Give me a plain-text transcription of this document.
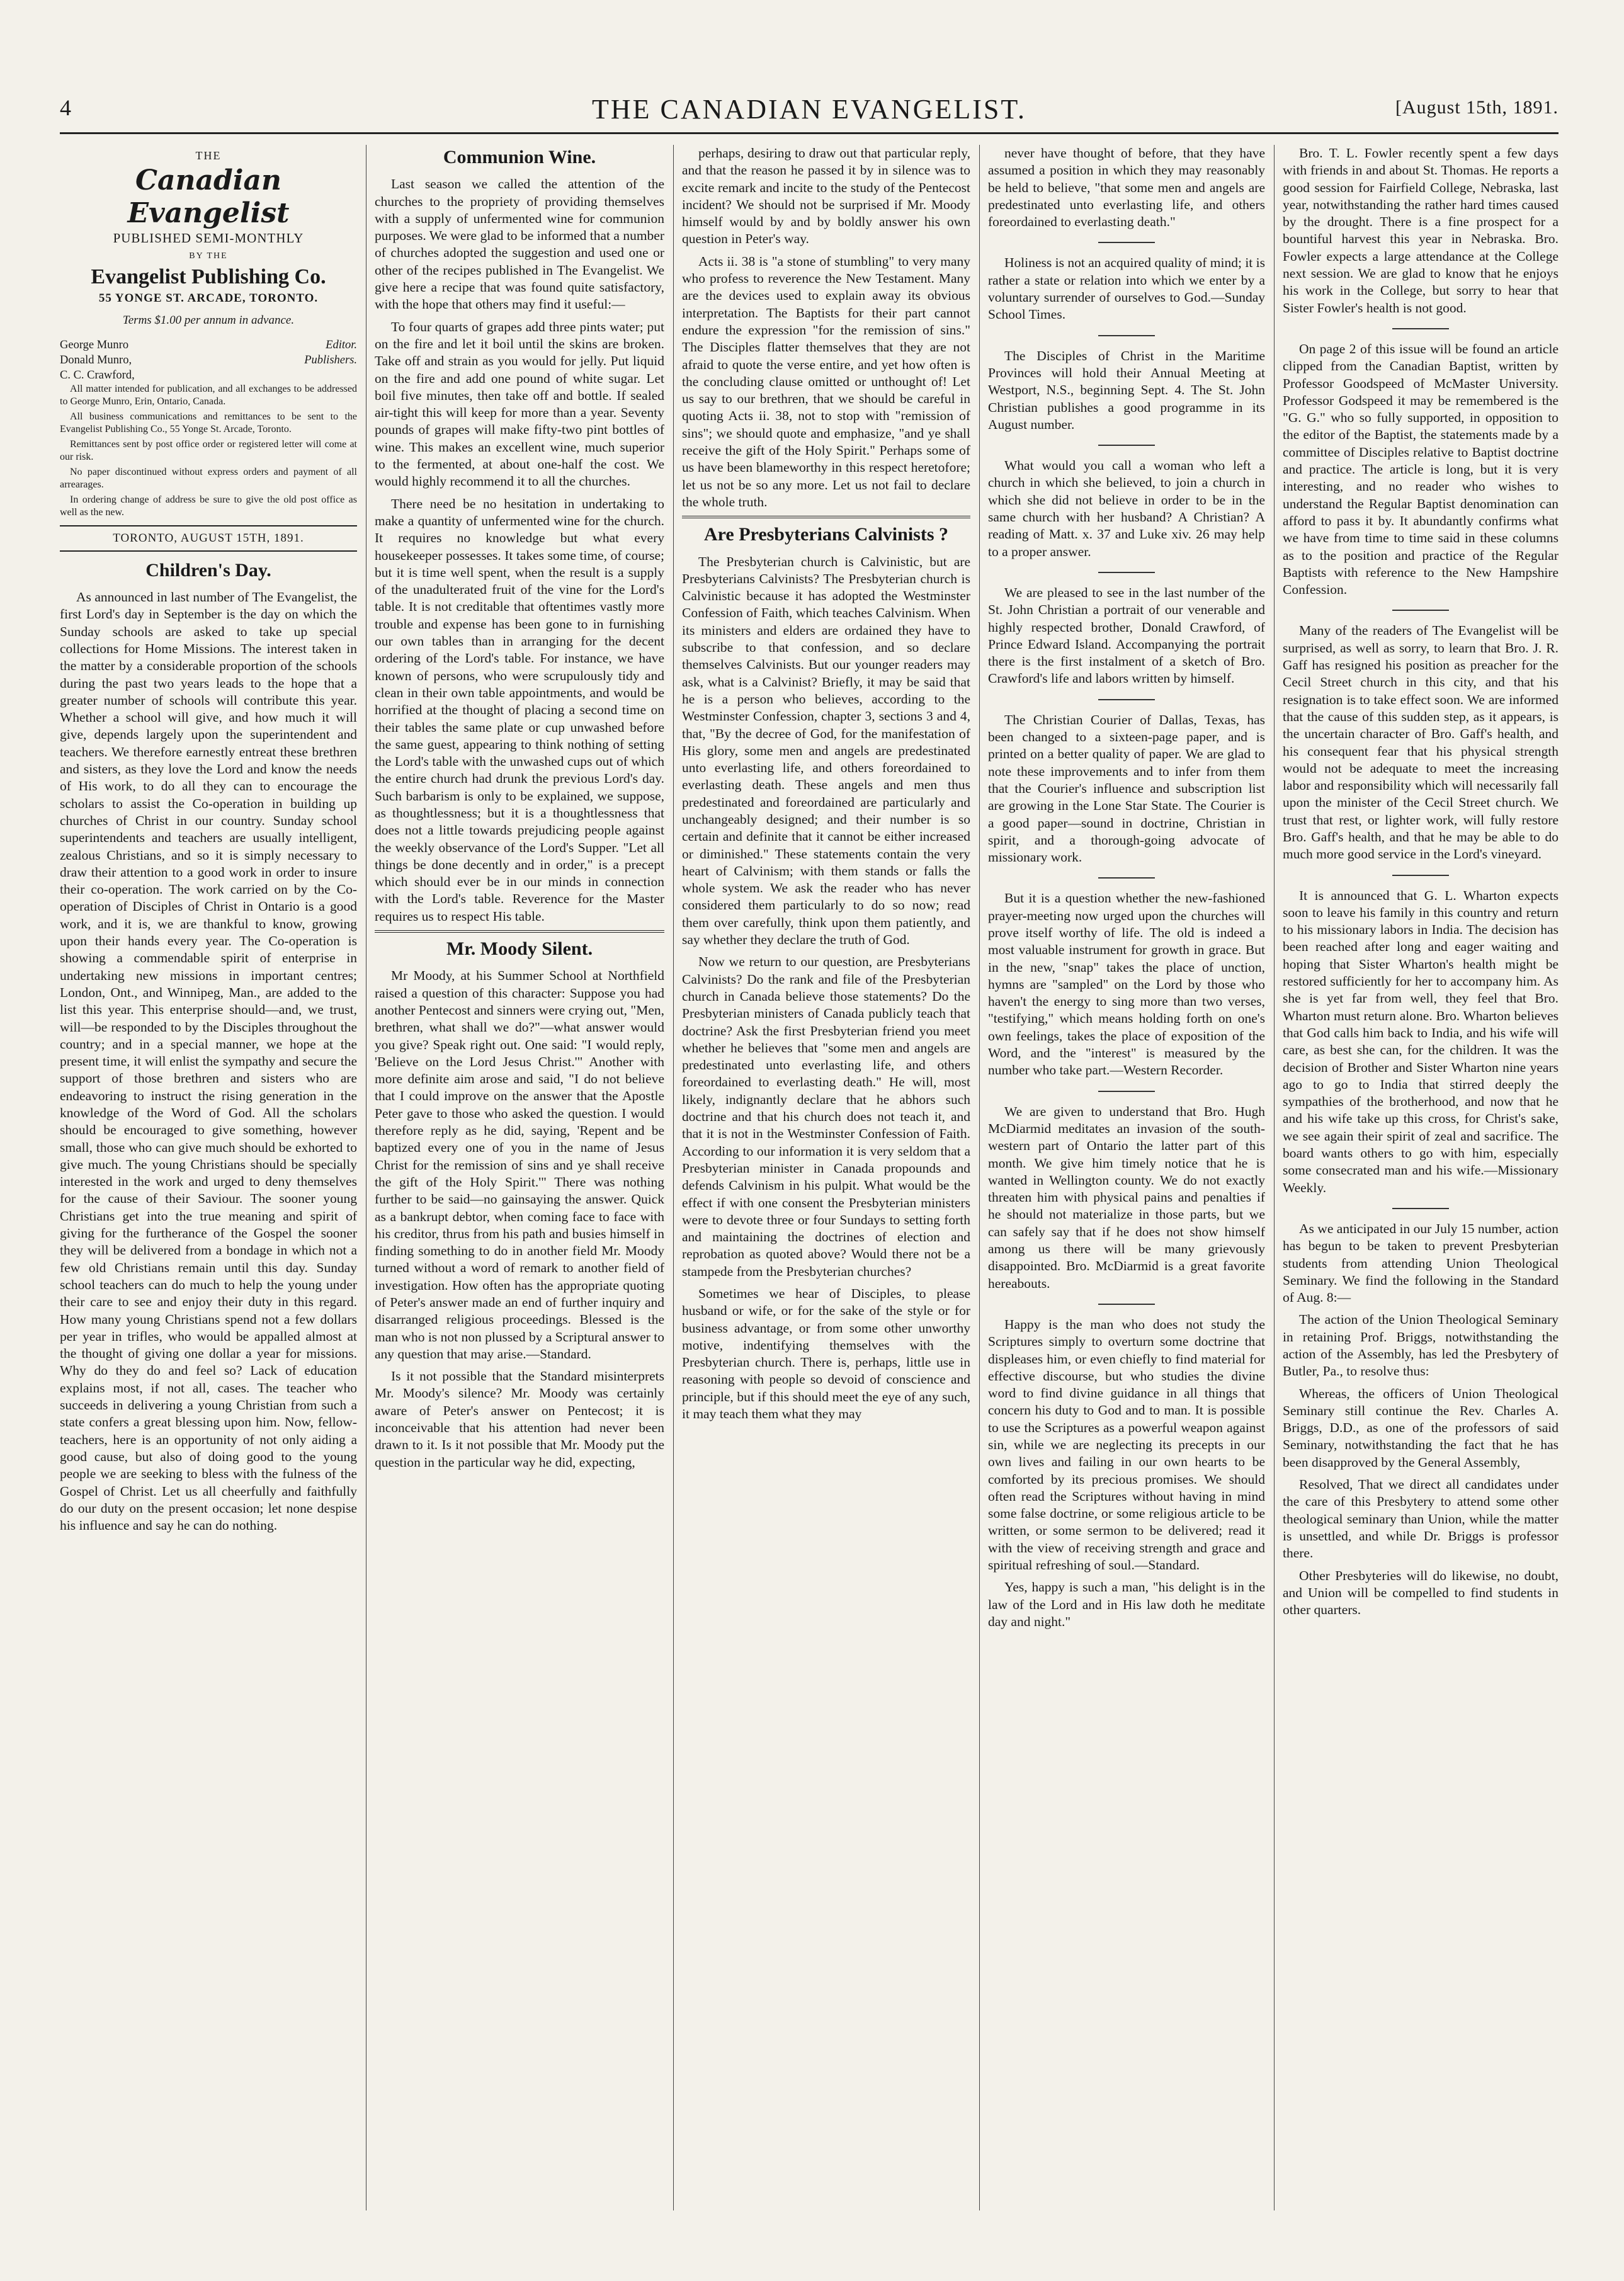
4	THE CANADIAN EVANGELIST.	[August 15th, 1891.
THE
Canadian Evangelist
PUBLISHED SEMI-MONTHLY
BY THE
Evangelist Publishing Co.
55 YONGE ST. ARCADE, TORONTO.
Terms $1.00 per annum in advance.
George Munro	Editor.
Donald Munro,	Publishers.
C. C. Crawford,

All matter intended for publication, and all exchanges to be addressed to George Munro, Erin, Ontario, Canada.

All business communications and remittances to be sent to the Evangelist Publishing Co., 55 Yonge St. Arcade, Toronto.

Remittances sent by post office order or registered letter will come at our risk.

No paper discontinued without express orders and payment of all arrearages.

In ordering change of address be sure to give the old post office as well as the new.

TORONTO, AUGUST 15TH, 1891.
Children's Day.

As announced in last number of The Evangelist, the first Lord's day in September is the day on which the Sunday schools are asked to take up special collections for Home Missions. The interest taken in the matter by a considerable proportion of the schools during the past two years leads to the hope that a greater number of schools will contribute this year. Whether a school will give, and how much it will give, depends largely upon the superintendent and teachers. We therefore earnestly entreat these brethren and sisters, as they love the Lord and know the needs of His work, to do all they can to encourage the scholars to assist the Co-operation in building up churches of Christ in our country. Sunday school superintendents and teachers are usually intelligent, zealous Christians, and so it is simply necessary to draw their attention to a good work in order to insure their co-operation. The work carried on by the Co-operation of Disciples of Christ in Ontario is a good work, and it is, we are thankful to know, growing upon their hands every year. The Co-operation is showing a commendable spirit of enterprise in undertaking new missions in important centres; London, Ont., and Winnipeg, Man., are added to the list this year. This enterprise should—and, we trust, will—be responded to by the Disciples throughout the country; and in a special manner, we hope at the present time, it will enlist the sympathy and secure the support of those brethren and sisters who are endeavoring to instruct the rising generation in the knowledge of the Word of God. All the scholars should be encouraged to give something, however small, those who can give much should be exhorted to give much. The young Christians should be specially interested in the work and urged to deny themselves for the cause of their Saviour. The sooner young Christians get into the true meaning and spirit of giving for the furtherance of the Gospel the sooner they will be delivered from a bondage in which not a few old Christians remain until this day. Sunday school teachers can do much to help the young under their care to see and enjoy their duty in this regard. How many young Christians spend not a few dollars per year in trifles, who would be appalled almost at the thought of giving one dollar a year for missions. Why do they do and feel so? Lack of education explains most, if not all, cases. The teacher who succeeds in delivering a young Christian from such a state confers a great blessing upon him. Now, fellow-teachers, here is an opportunity of not only aiding a good cause, but also of doing good to the young people we are seeking to bless with the fulness of the Gospel of Christ. Let us all cheerfully and faithfully do our duty on the present occasion; let none despise his influence and say he can do nothing.

Communion Wine.

Last season we called the attention of the churches to the propriety of providing themselves with a supply of unfermented wine for communion purposes. We were glad to be informed that a number of churches adopted the suggestion and used one or other of the recipes published in The Evangelist. We give here a recipe that was found quite satisfactory, with the hope that others may find it useful:—

To four quarts of grapes add three pints water; put on the fire and let it boil until the skins are broken. Take off and strain as you would for jelly. Put liquid on the fire and add one pound of white sugar. Let boil five minutes, then take off and bottle. If sealed air-tight this will keep for more than a year. Seventy pounds of grapes will make fifty-two pint bottles of wine. This makes an excellent wine, much superior to the fermented, at about one-half the cost. We would highly recommend it to all the churches.

There need be no hesitation in undertaking to make a quantity of unfermented wine for the church. It requires no knowledge but what every housekeeper possesses. It takes some time, of course; but it is time well spent, when the result is a supply of the unadulterated fruit of the vine for the Lord's table. It is not creditable that oftentimes vastly more trouble and expense has been gone to in furnishing our own tables than in arranging for the decent ordering of the Lord's table. For instance, we have known of persons, who were scrupulously tidy and clean in their own table appointments, and would be horrified at the thought of placing a second time on their tables the same plate or cup unwashed before the same guest, appearing to think nothing of setting the Lord's table with the unwashed cups out of which the entire church had drunk the previous Lord's day. Such barbarism is only to be explained, we suppose, as thoughtlessness; but it is a thoughtlessness that does not a little towards prejudicing people against the weekly observance of the Lord's Supper. "Let all things be done decently and in order," is a precept which should ever be in our minds in connection with the Lord's table. Reverence for the Master requires us to respect His table.

Mr. Moody Silent.

Mr Moody, at his Summer School at Northfield raised a question of this character: Suppose you had another Pentecost and sinners were crying out, "Men, brethren, what shall we do?"—what answer would you give? Speak right out. One said: "I would reply, 'Believe on the Lord Jesus Christ.'" Another with more definite aim arose and said, "I do not believe that I could improve on the answer that the Apostle Peter gave to those who asked the question. I would therefore reply as he did, saying, 'Repent and be baptized every one of you in the name of Jesus Christ for the remission of sins and ye shall receive the gift of the Holy Spirit.'" There was nothing further to be said—no gainsaying the answer. Quick as a bankrupt debtor, when coming face to face with his creditor, thrus from his path and busies himself in finding something to do in another field Mr. Moody turned without a word of remark to another field of investigation. How often has the appropriate quoting of Peter's answer made an end of further inquiry and disarranged religious proceedings. Blessed is the man who is not non plussed by a Scriptural answer to any question that may arise.—Standard.

Is it not possible that the Standard misinterprets Mr. Moody's silence? Mr. Moody was certainly aware of Peter's answer on Pentecost; it is inconceivable that his attention had never been drawn to it. Is it not possible that Mr. Moody put the question in the particular way he did, expecting,

perhaps, desiring to draw out that particular reply, and that the reason he passed it by in silence was to excite remark and incite to the study of the Pentecost incident? We should not be surprised if Mr. Moody himself would by and by boldly answer his own question in Peter's way.

Acts ii. 38 is "a stone of stumbling" to very many who profess to reverence the New Testament. Many are the devices used to explain away its obvious interpretation. The Baptists for their part cannot endure the expression "for the remission of sins." The Disciples flatter themselves that they are not afraid to quote the verse entire, and yet how often is the concluding clause omitted or unthought of! Let us say to our brethren, that we should be careful in quoting Acts ii. 38, not to stop with "remission of sins"; we should quote and emphasize, "and ye shall receive the gift of the Holy Spirit." Perhaps some of us have been blameworthy in this respect heretofore; let us not be so any more. Let us not fail to declare the whole truth.

Are Presbyterians Calvinists ?

The Presbyterian church is Calvinistic, but are Presbyterians Calvinists? The Presbyterian church is Calvinistic because it has adopted the Westminster Confession of Faith, which teaches Calvinism. When its ministers and elders are ordained they have to subscribe to that confession, and so declare themselves Calvinists. But our younger readers may ask, what is a Calvinist? Briefly, it may be said that he is a person who believes, according to the Westminster Confession, chapter 3, sections 3 and 4, that, "By the decree of God, for the manifestation of His glory, some men and angels are predestinated unto everlasting life, and others foreordained to everlasting death. These angels and men thus predestinated and foreordained are particularly and unchangeably designed; and their number is so certain and definite that it cannot be either increased or diminished." These statements contain the very heart of Calvinism; with them stands or falls the whole system. We ask the reader who has never considered them particularly to do so now; read them over carefully, think upon them patiently, and say whether they declare the truth of God.

Now we return to our question, are Presbyterians Calvinists? Do the rank and file of the Presbyterian church in Canada believe those statements? Do the Presbyterian ministers of Canada publicly teach that doctrine? Ask the first Presbyterian friend you meet whether he believes that "some men and angels are predestinated unto everlasting life, and others foreordained to everlasting death." He will, most likely, indignantly declare that he abhors such doctrine and that his church does not teach it, and that it is not in the Westminster Confession of Faith. According to our information it is very seldom that a Presbyterian minister in Canada propounds and defends Calvinism in his pulpit. What would be the effect if with one consent the Presbyterian ministers were to devote three or four Sundays to setting forth and maintaining the doctrines of election and reprobation as quoted above? Would there not be a stampede from the Presbyterian churches?

Sometimes we hear of Disciples, to please husband or wife, or for the sake of the style or for business advantage, or from some other unworthy motive, indentifying themselves with the Presbyterian church. There is, perhaps, little use in reasoning with people so devoid of conscience and principle, but if this should meet the eye of any such, it may teach them what they may

never have thought of before, that they have assumed a position in which they may reasonably be held to believe, "that some men and angels are predestinated unto everlasting life, and others foreordained to everlasting death."

Holiness is not an acquired quality of mind; it is rather a state or relation into which we enter by a voluntary surrender of ourselves to God.—Sunday School Times.

The Disciples of Christ in the Maritime Provinces will hold their Annual Meeting at Westport, N.S., beginning Sept. 4. The St. John Christian publishes a good programme in its August number.

What would you call a woman who left a church in which she believed, to join a church in which she did not believe in order to be in the same church with her husband? A Christian? A reading of Matt. x. 37 and Luke xiv. 26 may help to a proper answer.

We are pleased to see in the last number of the St. John Christian a portrait of our venerable and highly respected brother, Donald Crawford, of Prince Edward Island. Accompanying the portrait there is the first instalment of a sketch of Bro. Crawford's life and labors written by himself.

The Christian Courier of Dallas, Texas, has been changed to a sixteen-page paper, and is printed on a better quality of paper. We are glad to note these improvements and to infer from them that the Courier's influence and subscription list are growing in the Lone Star State. The Courier is a good paper—sound in doctrine, Christian in spirit, and a thorough-going advocate of missionary work.

But it is a question whether the new-fashioned prayer-meeting now urged upon the churches will prove itself worthy of life. The old is indeed a most valuable instrument for growth in grace. But in the new, "snap" takes the place of unction, hymns are "sampled" on the Lord by those who haven't the energy to sing more than two verses, "testifying," which means holding forth on one's own feelings, takes the place of exposition of the Word, and the "interest" is measured by the number who take part.—Western Recorder.

We are given to understand that Bro. Hugh McDiarmid meditates an invasion of the south-western part of Ontario the latter part of this month. We give him timely notice that he is wanted in Wellington county. We do not exactly threaten him with physical pains and penalties if he should not materialize in those parts, but we can safely say that if he does not show himself among us there will be many grievously disappointed. Bro. McDiarmid is a great favorite hereabouts.

Happy is the man who does not study the Scriptures simply to overturn some doctrine that displeases him, or even chiefly to find material for effective discourse, but who studies the divine word to find divine guidance in all things that concern his duty to God and to man. It is possible to use the Scriptures as a powerful weapon against sin, while we are neglecting its precepts in our own lives and failing in our own hearts to be comforted by its precious promises. We should often read the Scriptures without having in mind some false doctrine, or some religious article to be written, or some sermon to be delivered; read it with the view of receiving strength and grace and spiritual refreshing of soul.—Standard.

Yes, happy is such a man, "his delight is in the law of the Lord and in His law doth he meditate day and night."

Bro. T. L. Fowler recently spent a few days with friends in and about St. Thomas. He reports a good session for Fairfield College, Nebraska, last year, notwithstanding the rather hard times caused by the drought. There is a fine prospect for a bountiful harvest this year in Nebraska. Bro. Fowler expects a large attendance at the College next session. We are glad to know that he enjoys his work in the College, but sorry to hear that Sister Fowler's health is not good.

On page 2 of this issue will be found an article clipped from the Canadian Baptist, written by Professor Goodspeed of McMaster University. Professor Godspeed it may be remembered is the "G. G." who so fully supported, in opposition to the editor of the Baptist, the statements made by a committee of Disciples relative to Baptist doctrine and practice. The article is long, but it is very interesting, and no reader who wishes to understand the Regular Baptist denomination can afford to pass it by. It abundantly confirms what we have from time to time said in these columns as to the position and practice of the Regular Baptists with reference to the New Hampshire Confession.

Many of the readers of The Evangelist will be surprised, as well as sorry, to learn that Bro. J. R. Gaff has resigned his position as preacher for the Cecil Street church in this city, and that his resignation is to take effect soon. We are informed that the cause of this sudden step, as it appears, is the uncertain character of Bro. Gaff's health, and his consequent fear that his physical strength would not be adequate to meet the increasing labor and responsibility which will necessarily fall upon the minister of the Cecil Street church. We trust that rest, or lighter work, will fully restore Bro. Gaff's health, and that he may be able to do much more good service in the Lord's vineyard.

It is announced that G. L. Wharton expects soon to leave his family in this country and return to his missionary labors in India. The decision has been reached after long and eager waiting and hoping that Sister Wharton's health might be restored sufficiently for her to accompany him. As she is yet far from well, they feel that Bro. Wharton must return alone. Bro. Wharton believes that God calls him back to India, and his wife will care, as best she can, for the children. It was the decision of Brother and Sister Wharton nine years ago to go to India that stirred deeply the sympathies of the brotherhood, and now that he and his wife take up this cross, for Christ's sake, we see again their spirit of zeal and sacrifice. The board wants others to go with him, especially some consecrated man and his wife.—Missionary Weekly.

As we anticipated in our July 15 number, action has begun to be taken to prevent Presbyterian students from attending Union Theological Seminary. We find the following in the Standard of Aug. 8:—

The action of the Union Theological Seminary in retaining Prof. Briggs, notwithstanding the action of the Assembly, has led the Presbytery of Butler, Pa., to resolve thus:

Whereas, the officers of Union Theological Seminary still continue the Rev. Charles A. Briggs, D.D., as one of the professors of said Seminary, notwithstanding the fact that he has been disapproved by the General Assembly,

Resolved, That we direct all candidates under the care of this Presbytery to attend some other theological seminary than Union, while the matter is unsettled, and while Dr. Briggs is professor there.

Other Presbyteries will do likewise, no doubt, and Union will be compelled to find students in other quarters.
